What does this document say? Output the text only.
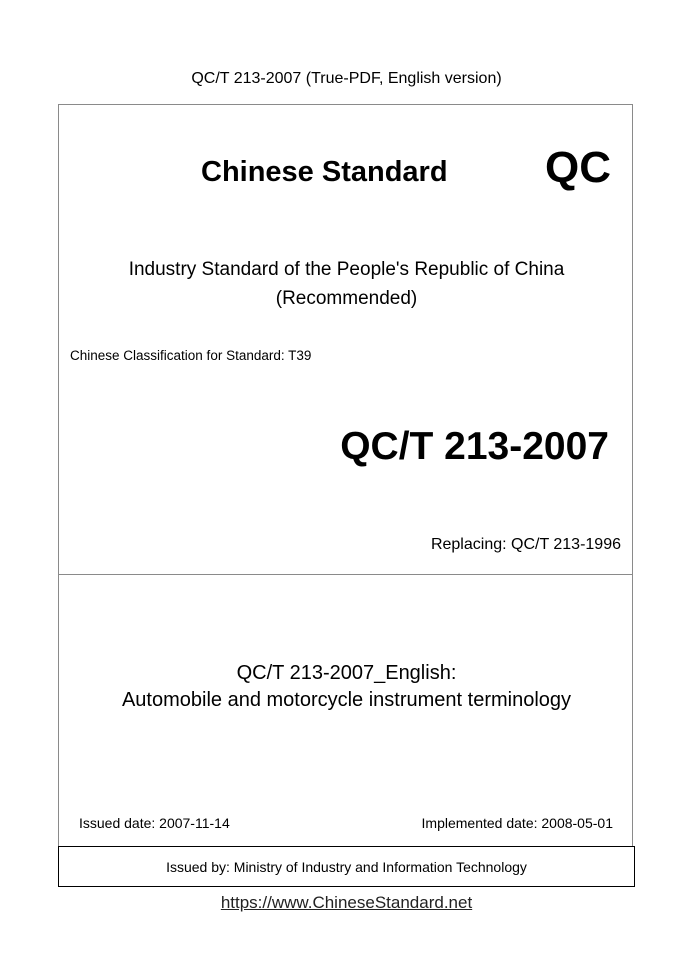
QC/T 213-2007 (True-PDF, English version)
Chinese Standard QC
Industry Standard of the People's Republic of China
(Recommended)
Chinese Classification for Standard: T39
QC/T 213-2007
Replacing: QC/T 213-1996
QC/T 213-2007_English:
Automobile and motorcycle instrument terminology
Issued date: 2007-11-14	Implemented date: 2008-05-01
Issued by: Ministry of Industry and Information Technology
https://www.ChineseStandard.net
